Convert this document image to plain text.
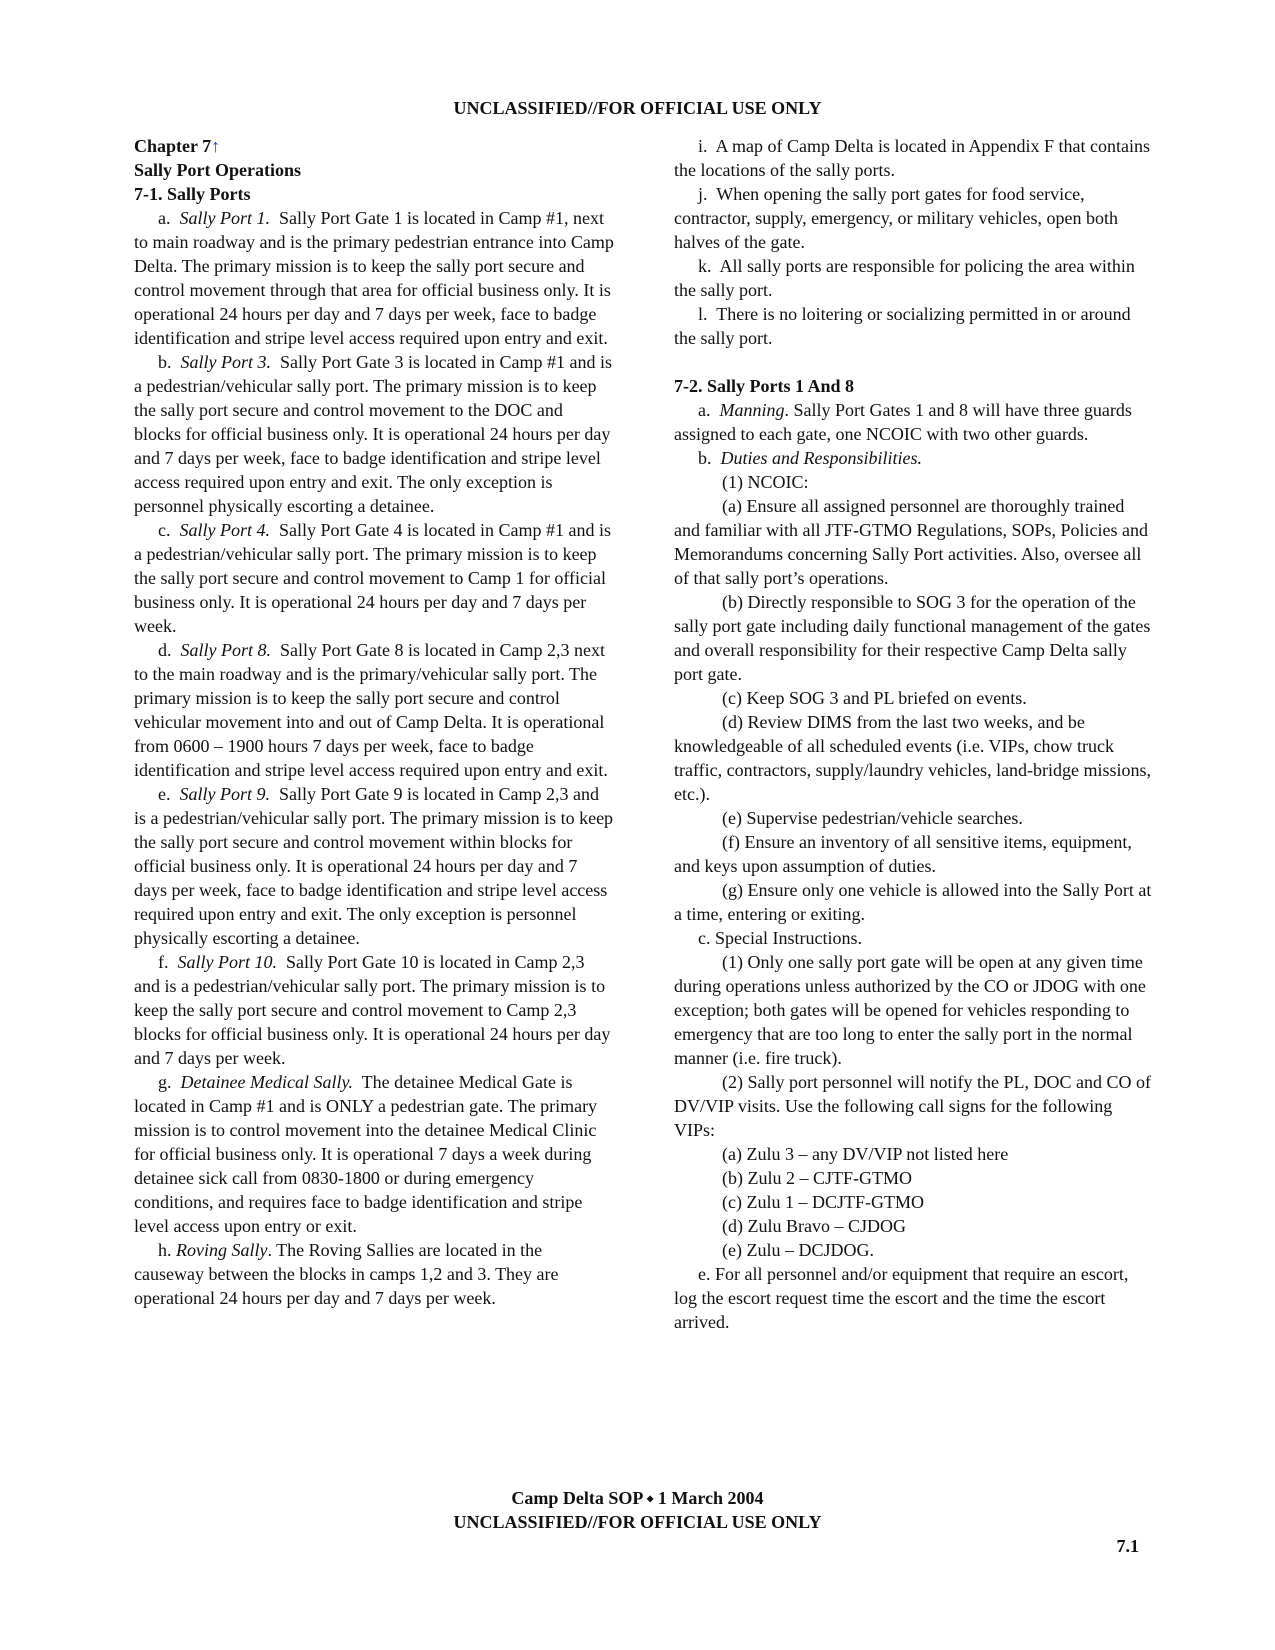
UNCLASSIFIED//FOR OFFICIAL USE ONLY

Chapter 7↑

Sally Port Operations

7-1. Sally Ports

a. Sally Port 1. Sally Port Gate 1 is located in Camp #1, next to main roadway and is the primary pedestrian entrance into Camp Delta. The primary mission is to keep the sally port secure and control movement through that area for official business only. It is operational 24 hours per day and 7 days per week, face to badge identification and stripe level access required upon entry and exit.

b. Sally Port 3. Sally Port Gate 3 is located in Camp #1 and is a pedestrian/vehicular sally port. The primary mission is to keep the sally port secure and control movement to the DOC and blocks for official business only. It is operational 24 hours per day and 7 days per week, face to badge identification and stripe level access required upon entry and exit. The only exception is personnel physically escorting a detainee.

c. Sally Port 4. Sally Port Gate 4 is located in Camp #1 and is a pedestrian/vehicular sally port. The primary mission is to keep the sally port secure and control movement to Camp 1 for official business only. It is operational 24 hours per day and 7 days per week.

d. Sally Port 8. Sally Port Gate 8 is located in Camp 2,3 next to the main roadway and is the primary/vehicular sally port. The primary mission is to keep the sally port secure and control vehicular movement into and out of Camp Delta. It is operational from 0600 – 1900 hours 7 days per week, face to badge identification and stripe level access required upon entry and exit.

e. Sally Port 9. Sally Port Gate 9 is located in Camp 2,3 and is a pedestrian/vehicular sally port. The primary mission is to keep the sally port secure and control movement within blocks for official business only. It is operational 24 hours per day and 7 days per week, face to badge identification and stripe level access required upon entry and exit. The only exception is personnel physically escorting a detainee.

f. Sally Port 10. Sally Port Gate 10 is located in Camp 2,3 and is a pedestrian/vehicular sally port. The primary mission is to keep the sally port secure and control movement to Camp 2,3 blocks for official business only. It is operational 24 hours per day and 7 days per week.

g. Detainee Medical Sally. The detainee Medical Gate is located in Camp #1 and is ONLY a pedestrian gate. The primary mission is to control movement into the detainee Medical Clinic for official business only. It is operational 7 days a week during detainee sick call from 0830-1800 or during emergency conditions, and requires face to badge identification and stripe level access upon entry or exit.

h. Roving Sally. The Roving Sallies are located in the causeway between the blocks in camps 1,2 and 3. They are operational 24 hours per day and 7 days per week.

i. A map of Camp Delta is located in Appendix F that contains the locations of the sally ports.

j. When opening the sally port gates for food service, contractor, supply, emergency, or military vehicles, open both halves of the gate.

k. All sally ports are responsible for policing the area within the sally port.

l. There is no loitering or socializing permitted in or around the sally port.

7-2. Sally Ports 1 And 8

a. Manning. Sally Port Gates 1 and 8 will have three guards assigned to each gate, one NCOIC with two other guards.

b. Duties and Responsibilities.

(1) NCOIC:

(a) Ensure all assigned personnel are thoroughly trained and familiar with all JTF-GTMO Regulations, SOPs, Policies and Memorandums concerning Sally Port activities. Also, oversee all of that sally port’s operations.

(b) Directly responsible to SOG 3 for the operation of the sally port gate including daily functional management of the gates and overall responsibility for their respective Camp Delta sally port gate.

(c) Keep SOG 3 and PL briefed on events.

(d) Review DIMS from the last two weeks, and be knowledgeable of all scheduled events (i.e. VIPs, chow truck traffic, contractors, supply/laundry vehicles, land-bridge missions, etc.).

(e) Supervise pedestrian/vehicle searches.

(f) Ensure an inventory of all sensitive items, equipment, and keys upon assumption of duties.

(g) Ensure only one vehicle is allowed into the Sally Port at a time, entering or exiting.

c. Special Instructions.

(1) Only one sally port gate will be open at any given time during operations unless authorized by the CO or JDOG with one exception; both gates will be opened for vehicles responding to emergency that are too long to enter the sally port in the normal manner (i.e. fire truck).

(2) Sally port personnel will notify the PL, DOC and CO of DV/VIP visits. Use the following call signs for the following VIPs:

(a) Zulu 3 – any DV/VIP not listed here

(b) Zulu 2 – CJTF-GTMO

(c) Zulu 1 – DCJTF-GTMO

(d) Zulu Bravo – CJDOG

(e) Zulu – DCJDOG.

e. For all personnel and/or equipment that require an escort, log the escort request time the escort and the time the escort arrived.

Camp Delta SOP ⬩ 1 March 2004
UNCLASSIFIED//FOR OFFICIAL USE ONLY
7.1
